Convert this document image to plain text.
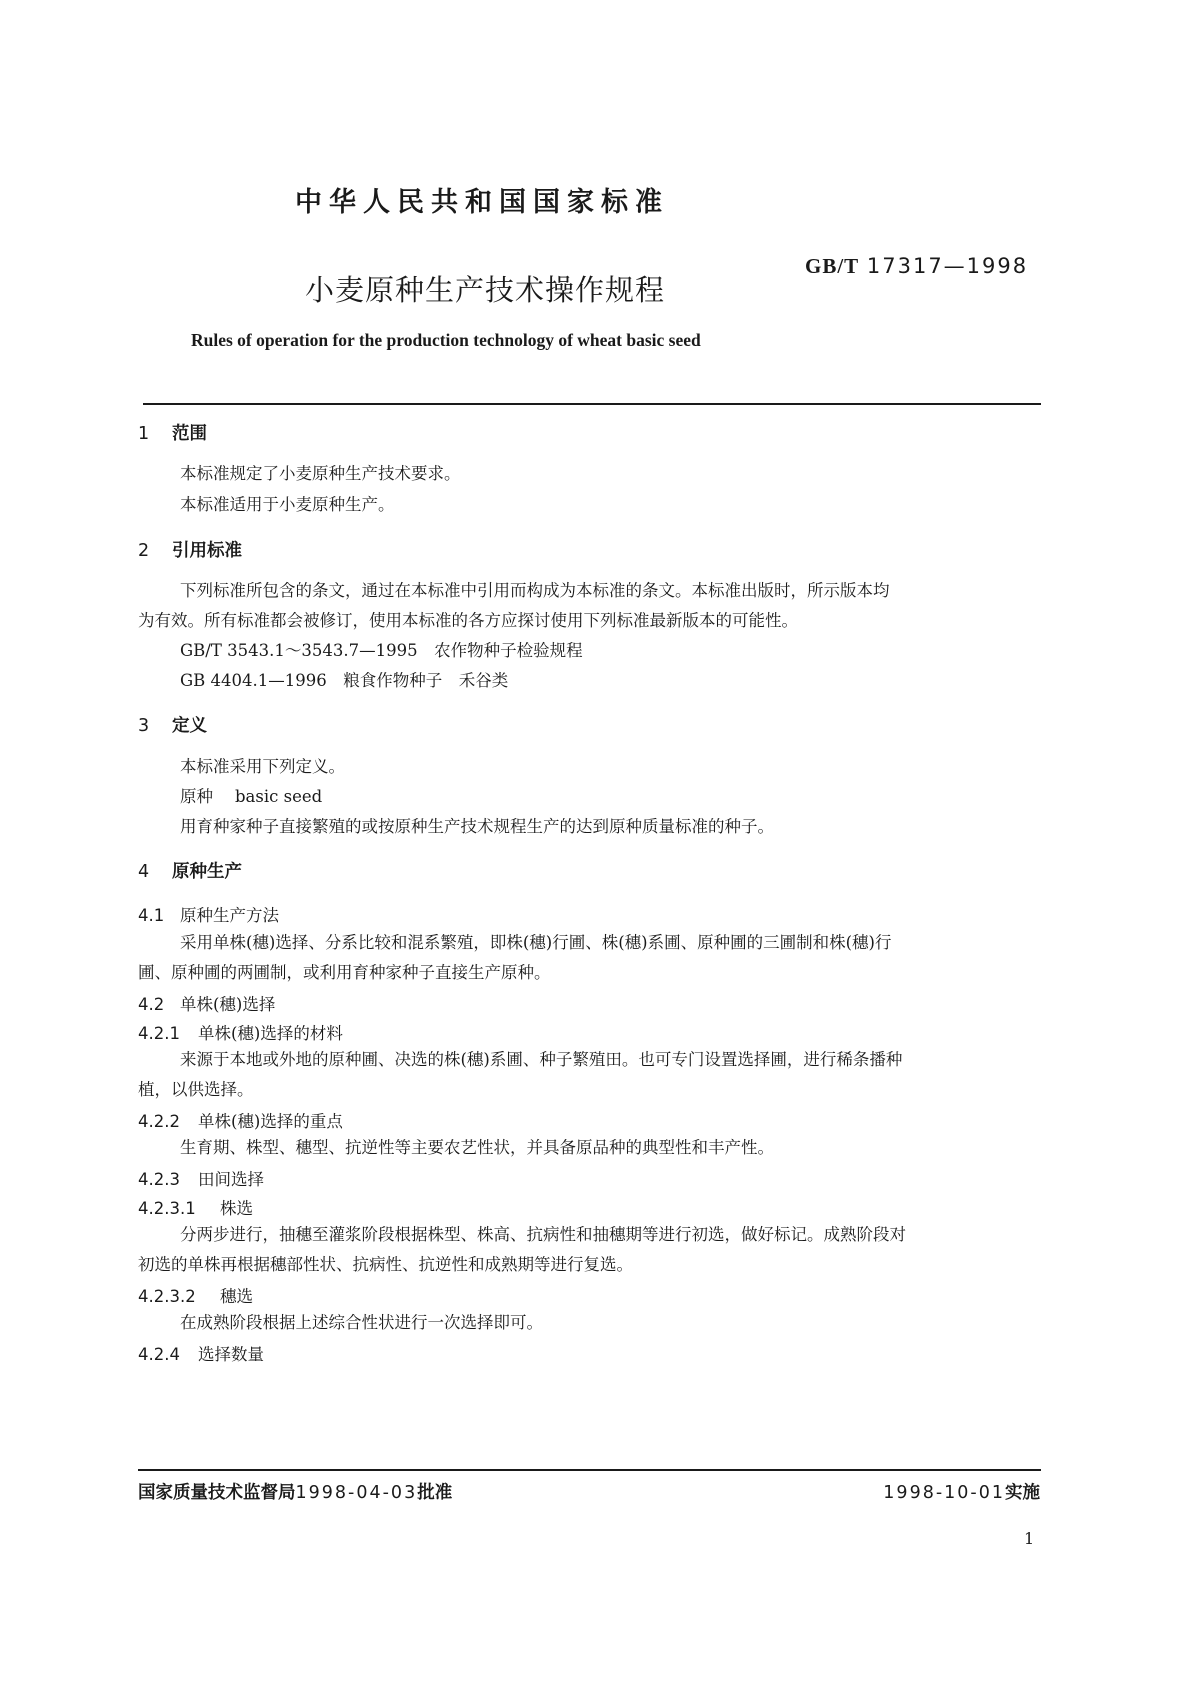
中华人民共和国国家标准
GB/T 17317—1998
小麦原种生产技术操作规程
Rules of operation for the production technology of wheat basic seed
1 范围
本标准规定了小麦原种生产技术要求。
本标准适用于小麦原种生产。
2 引用标准
下列标准所包含的条文，通过在本标准中引用而构成为本标准的条文。本标准出版时，所示版本均
为有效。所有标准都会被修订，使用本标准的各方应探讨使用下列标准最新版本的可能性。
GB/T 3543.1～3543.7—1995　农作物种子检验规程
GB 4404.1—1996　粮食作物种子　禾谷类
3 定义
本标准采用下列定义。
原种 basic seed
用育种家种子直接繁殖的或按原种生产技术规程生产的达到原种质量标准的种子。
4 原种生产
4.1 原种生产方法
采用单株(穗)选择、分系比较和混系繁殖，即株(穗)行圃、株(穗)系圃、原种圃的三圃制和株(穗)行
圃、原种圃的两圃制，或利用育种家种子直接生产原种。
4.2 单株(穗)选择
4.2.1 单株(穗)选择的材料
来源于本地或外地的原种圃、决选的株(穗)系圃、种子繁殖田。也可专门设置选择圃，进行稀条播种
植，以供选择。
4.2.2 单株(穗)选择的重点
生育期、株型、穗型、抗逆性等主要农艺性状，并具备原品种的典型性和丰产性。
4.2.3 田间选择
4.2.3.1 株选
分两步进行，抽穗至灌浆阶段根据株型、株高、抗病性和抽穗期等进行初选，做好标记。成熟阶段对
初选的单株再根据穗部性状、抗病性、抗逆性和成熟期等进行复选。
4.2.3.2 穗选
在成熟阶段根据上述综合性状进行一次选择即可。
4.2.4 选择数量
国家质量技术监督局1998-04-03批准	1998-10-01实施
1
